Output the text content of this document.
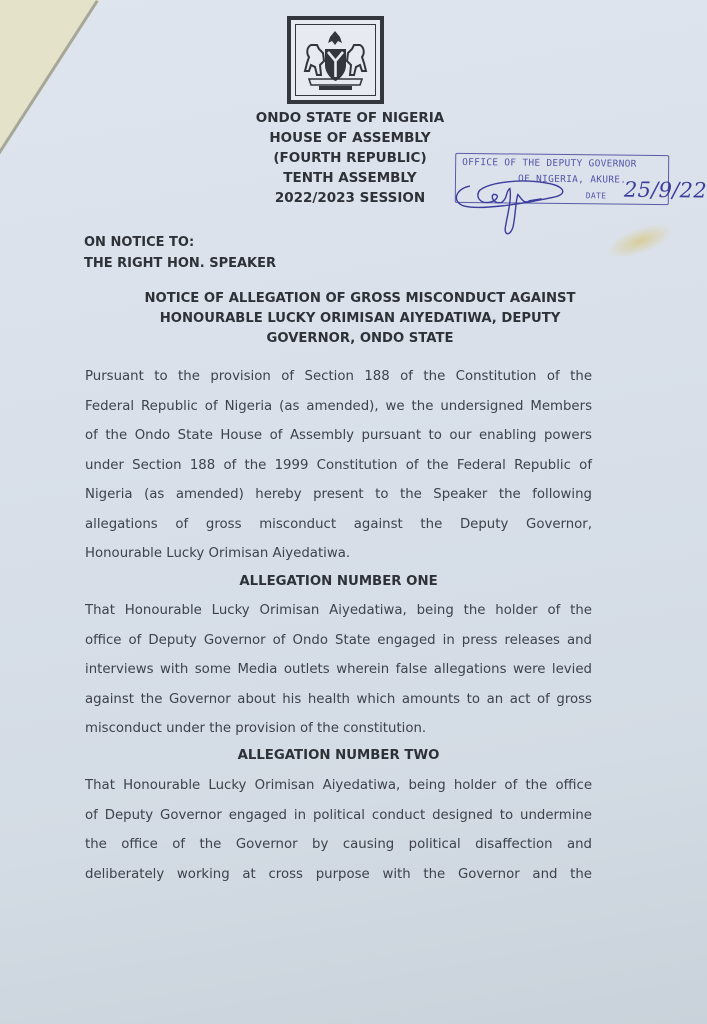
ONDO STATE OF NIGERIA
HOUSE OF ASSEMBLY
(FOURTH REPUBLIC)
TENTH ASSEMBLY
2022/2023 SESSION
OFFICE OF THE DEPUTY GOVERNOR
OF NIGERIA, AKURE.
DATE 25/9/22
ON NOTICE TO:
THE RIGHT HON. SPEAKER
NOTICE OF ALLEGATION OF GROSS MISCONDUCT AGAINST
HONOURABLE LUCKY ORIMISAN AIYEDATIWA, DEPUTY
GOVERNOR, ONDO STATE
Pursuant to the provision of Section 188 of the Constitution of the
Federal Republic of Nigeria (as amended), we the undersigned Members
of the Ondo State House of Assembly pursuant to our enabling powers
under Section 188 of the 1999 Constitution of the Federal Republic of
Nigeria (as amended) hereby present to the Speaker the following
allegations of gross misconduct against the Deputy Governor,
Honourable Lucky Orimisan Aiyedatiwa.
ALLEGATION NUMBER ONE
That Honourable Lucky Orimisan Aiyedatiwa, being the holder of the
office of Deputy Governor of Ondo State engaged in press releases and
interviews with some Media outlets wherein false allegations were levied
against the Governor about his health which amounts to an act of gross
misconduct under the provision of the constitution.
ALLEGATION NUMBER TWO
That Honourable Lucky Orimisan Aiyedatiwa, being holder of the office
of Deputy Governor engaged in political conduct designed to undermine
the office of the Governor by causing political disaffection and
deliberately working at cross purpose with the Governor and the
